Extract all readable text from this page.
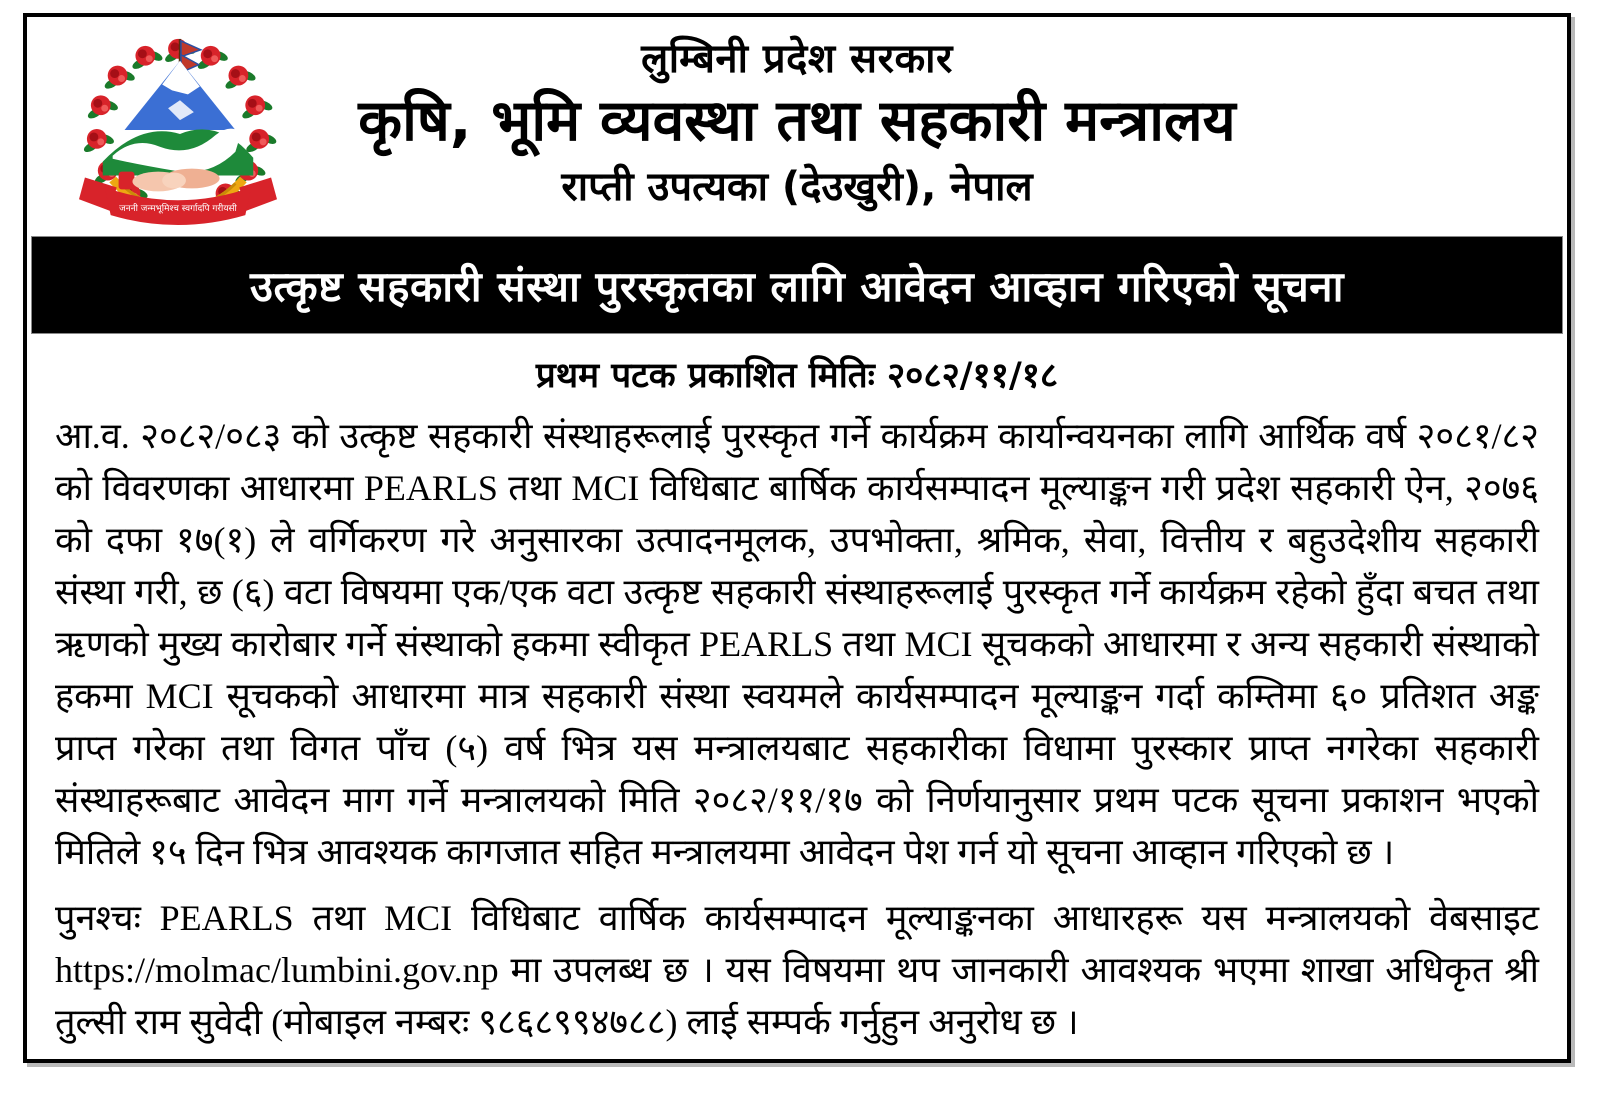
जननी जन्मभूमिश्च स्वर्गादपि गरीयसी
लुम्बिनी प्रदेश सरकार
कृषि, भूमि व्यवस्था तथा सहकारी मन्त्रालय
राप्ती उपत्यका (देउखुरी), नेपाल
उत्कृष्ट सहकारी संस्था पुरस्कृतका लागि आवेदन आव्हान गरिएको सूचना
प्रथम पटक प्रकाशित मितिः २०८२/११/१८

आ.व. २०८२/०८३ को उत्कृष्ट सहकारी संस्थाहरूलाई पुरस्कृत गर्ने कार्यक्रम कार्यान्वयनका लागि आर्थिक वर्ष २०८१/८२ को विवरणका आधारमा PEARLS तथा MCI विधिबाट बार्षिक कार्यसम्पादन मूल्याङ्कन गरी प्रदेश सहकारी ऐन, २०७६ को दफा १७(१) ले वर्गिकरण गरे अनुसारका उत्पादनमूलक, उपभोक्ता, श्रमिक, सेवा, वित्तीय र बहुउदेशीय सहकारी संस्था गरी, छ (६) वटा विषयमा एक/एक वटा उत्कृष्ट सहकारी संस्थाहरूलाई पुरस्कृत गर्ने कार्यक्रम रहेको हुँदा बचत तथा ऋणको मुख्य कारोबार गर्ने संस्थाको हकमा स्वीकृत PEARLS तथा MCI सूचकको आधारमा र अन्य सहकारी संस्थाको हकमा MCI सूचकको आधारमा मात्र सहकारी संस्था स्वयमले कार्यसम्पादन मूल्याङ्कन गर्दा कम्तिमा ६० प्रतिशत अङ्क प्राप्त गरेका तथा विगत पाँच (५) वर्ष भित्र यस मन्त्रालयबाट सहकारीका विधामा पुरस्कार प्राप्त नगरेका सहकारी संस्थाहरूबाट आवेदन माग गर्ने मन्त्रालयको मिति २०८२/११/१७ को निर्णयानुसार प्रथम पटक सूचना प्रकाशन भएको मितिले १५ दिन भित्र आवश्यक कागजात सहित मन्त्रालयमा आवेदन पेश गर्न यो सूचना आव्हान गरिएको छ ।

पुनश्चः PEARLS तथा MCI विधिबाट वार्षिक कार्यसम्पादन मूल्याङ्कनका आधारहरू यस मन्त्रालयको वेबसाइट https://molmac/lumbini.gov.np मा उपलब्ध छ । यस विषयमा थप जानकारी आवश्यक भएमा शाखा अधिकृत श्री तुल्सी राम सुवेदी (मोबाइल नम्बरः ९८६८९९४७८८) लाई सम्पर्क गर्नुहुन अनुरोध छ ।
